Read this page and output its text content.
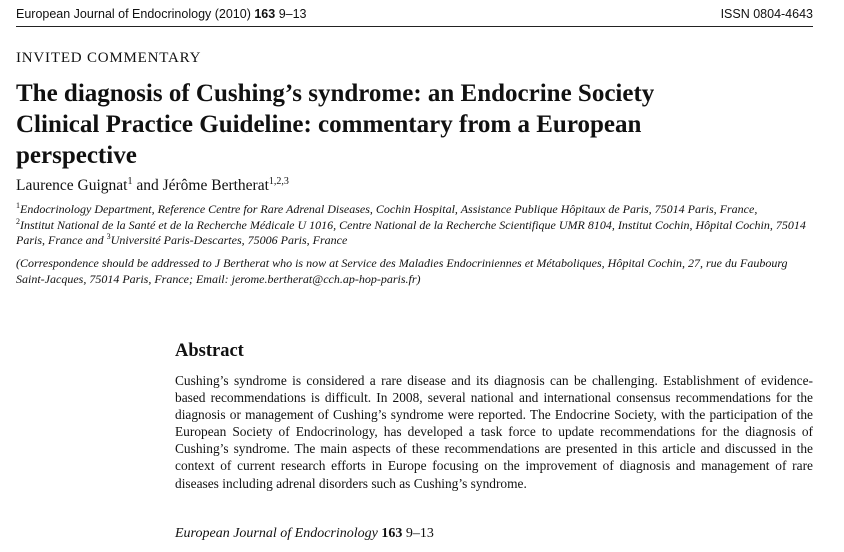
European Journal of Endocrinology (2010) 163 9–13	ISSN 0804-4643
INVITED COMMENTARY
The diagnosis of Cushing’s syndrome: an Endocrine Society Clinical Practice Guideline: commentary from a European perspective
Laurence Guignat$^1$ and Jérôme Bertherat$^{1,2,3}$
$^1$Endocrinology Department, Reference Centre for Rare Adrenal Diseases, Cochin Hospital, Assistance Publique Hôpitaux de Paris, 75014 Paris, France,
$^2$Institut National de la Santé et de la Recherche Médicale U 1016, Centre National de la Recherche Scientifique UMR 8104, Institut Cochin, Hôpital Cochin, 75014 Paris, France and $^3$Université Paris-Descartes, 75006 Paris, France
(Correspondence should be addressed to J Bertherat who is now at Service des Maladies Endocriniennes et Métaboliques, Hôpital Cochin, 27, rue du Faubourg Saint-Jacques, 75014 Paris, France; Email: jerome.bertherat@cch.ap-hop-paris.fr)
Abstract

Cushing’s syndrome is considered a rare disease and its diagnosis can be challenging. Establishment of evidence-based recommendations is difficult. In 2008, several national and international consensus recommendations for the diagnosis or management of Cushing’s syndrome were reported. The Endocrine Society, with the participation of the European Society of Endocrinology, has developed a task force to update recommendations for the diagnosis of Cushing’s syndrome. The main aspects of these recommendations are presented in this article and discussed in the context of current research efforts in Europe focusing on the improvement of diagnosis and management of rare diseases including adrenal disorders such as Cushing’s syndrome.

European Journal of Endocrinology 163 9–13
